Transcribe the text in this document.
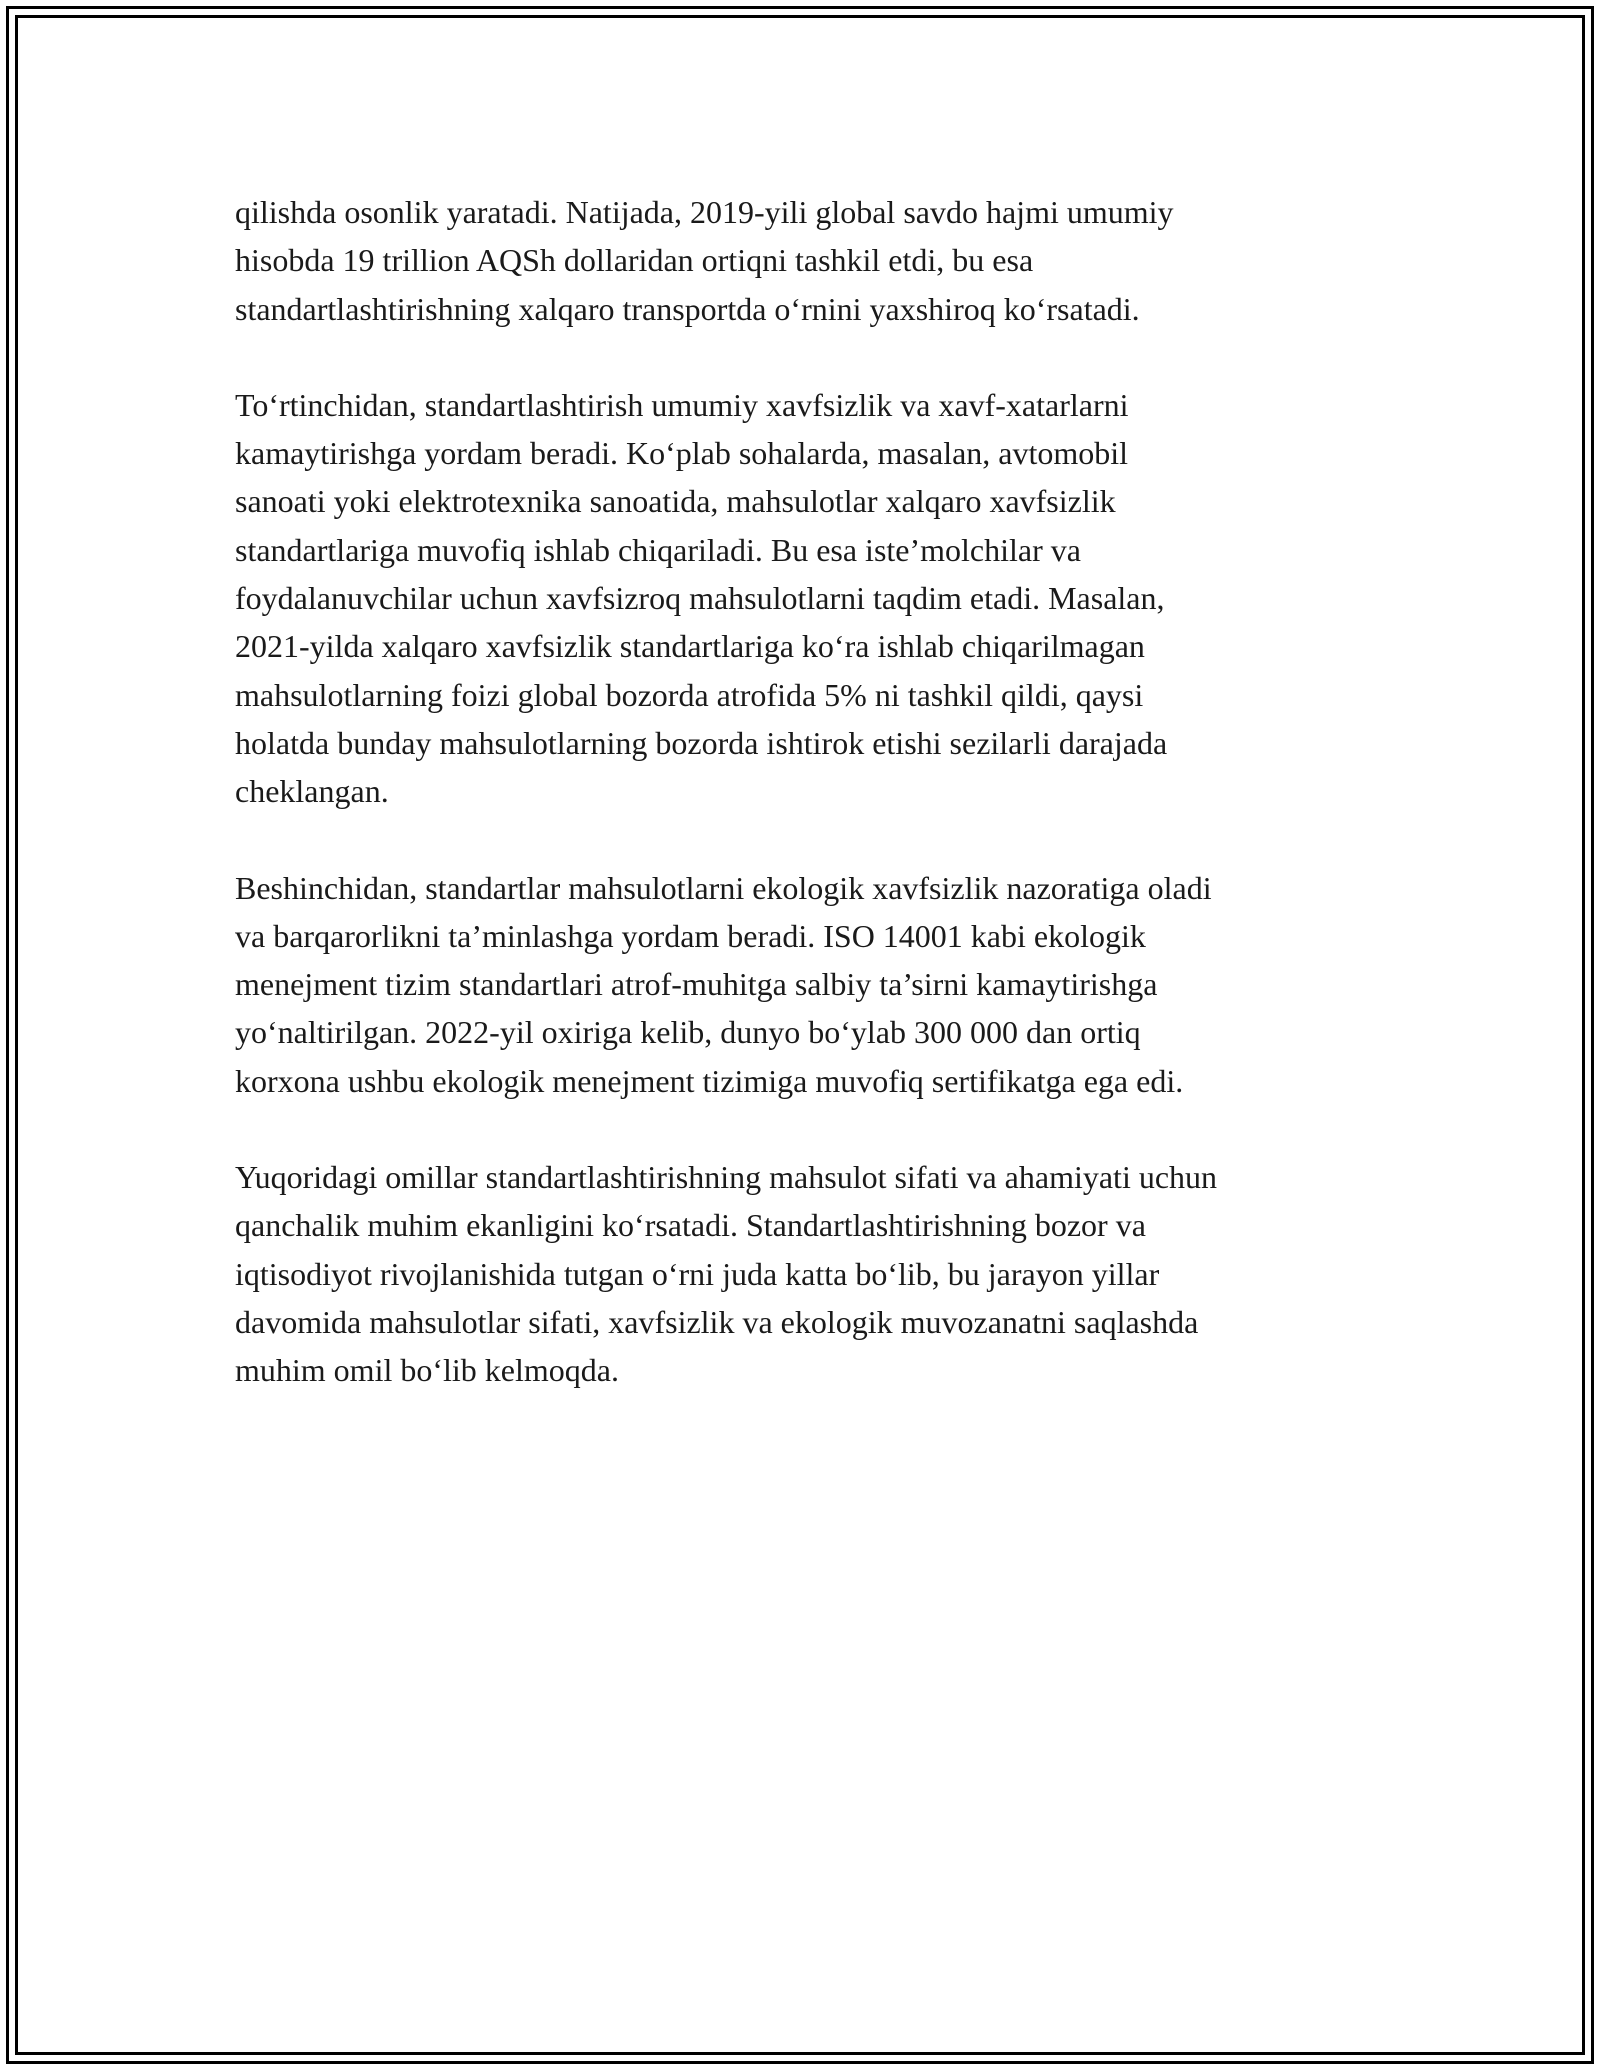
qilishda osonlik yaratadi. Natijada, 2019-yili global savdo hajmi umumiy
hisobda 19 trillion AQSh dollaridan ortiqni tashkil etdi, bu esa
standartlashtirishning xalqaro transportda o‘rnini yaxshiroq ko‘rsatadi.

To‘rtinchidan, standartlashtirish umumiy xavfsizlik va xavf-xatarlarni
kamaytirishga yordam beradi. Ko‘plab sohalarda, masalan, avtomobil
sanoati yoki elektrotexnika sanoatida, mahsulotlar xalqaro xavfsizlik
standartlariga muvofiq ishlab chiqariladi. Bu esa iste’molchilar va
foydalanuvchilar uchun xavfsizroq mahsulotlarni taqdim etadi. Masalan,
2021-yilda xalqaro xavfsizlik standartlariga ko‘ra ishlab chiqarilmagan
mahsulotlarning foizi global bozorda atrofida 5% ni tashkil qildi, qaysi
holatda bunday mahsulotlarning bozorda ishtirok etishi sezilarli darajada
cheklangan.

Beshinchidan, standartlar mahsulotlarni ekologik xavfsizlik nazoratiga oladi
va barqarorlikni ta’minlashga yordam beradi. ISO 14001 kabi ekologik
menejment tizim standartlari atrof-muhitga salbiy ta’sirni kamaytirishga
yo‘naltirilgan. 2022-yil oxiriga kelib, dunyo bo‘ylab 300 000 dan ortiq
korxona ushbu ekologik menejment tizimiga muvofiq sertifikatga ega edi.

Yuqoridagi omillar standartlashtirishning mahsulot sifati va ahamiyati uchun
qanchalik muhim ekanligini ko‘rsatadi. Standartlashtirishning bozor va
iqtisodiyot rivojlanishida tutgan o‘rni juda katta bo‘lib, bu jarayon yillar
davomida mahsulotlar sifati, xavfsizlik va ekologik muvozanatni saqlashda
muhim omil bo‘lib kelmoqda.
